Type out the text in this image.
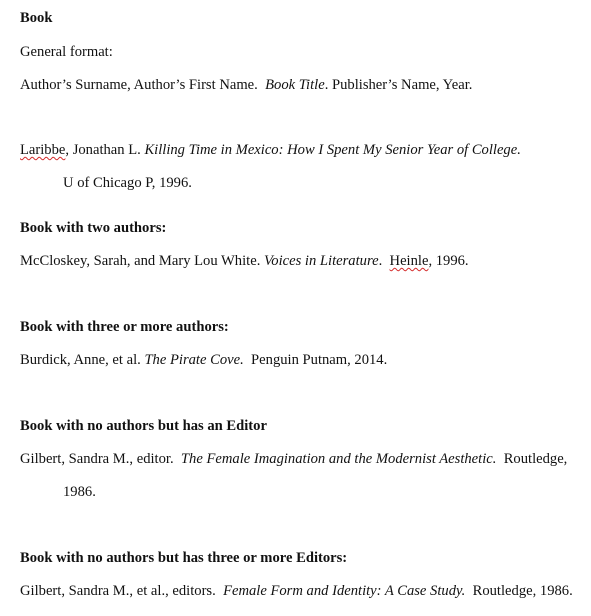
Book
General format:
Author’s Surname, Author’s First Name. Book Title. Publisher’s Name, Year.
Laribbe, Jonathan L. Killing Time in Mexico: How I Spent My Senior Year of College.
U of Chicago P, 1996.
Book with two authors:
McCloskey, Sarah, and Mary Lou White. Voices in Literature.  Heinle, 1996.
Book with three or more authors:
Burdick, Anne, et al. The Pirate Cove. Penguin Putnam, 2014.
Book with no authors but has an Editor
Gilbert, Sandra M., editor. The Female Imagination and the Modernist Aesthetic. Routledge,
1986.
Book with no authors but has three or more Editors:
Gilbert, Sandra M., et al., editors. Female Form and Identity: A Case Study. Routledge, 1986.
